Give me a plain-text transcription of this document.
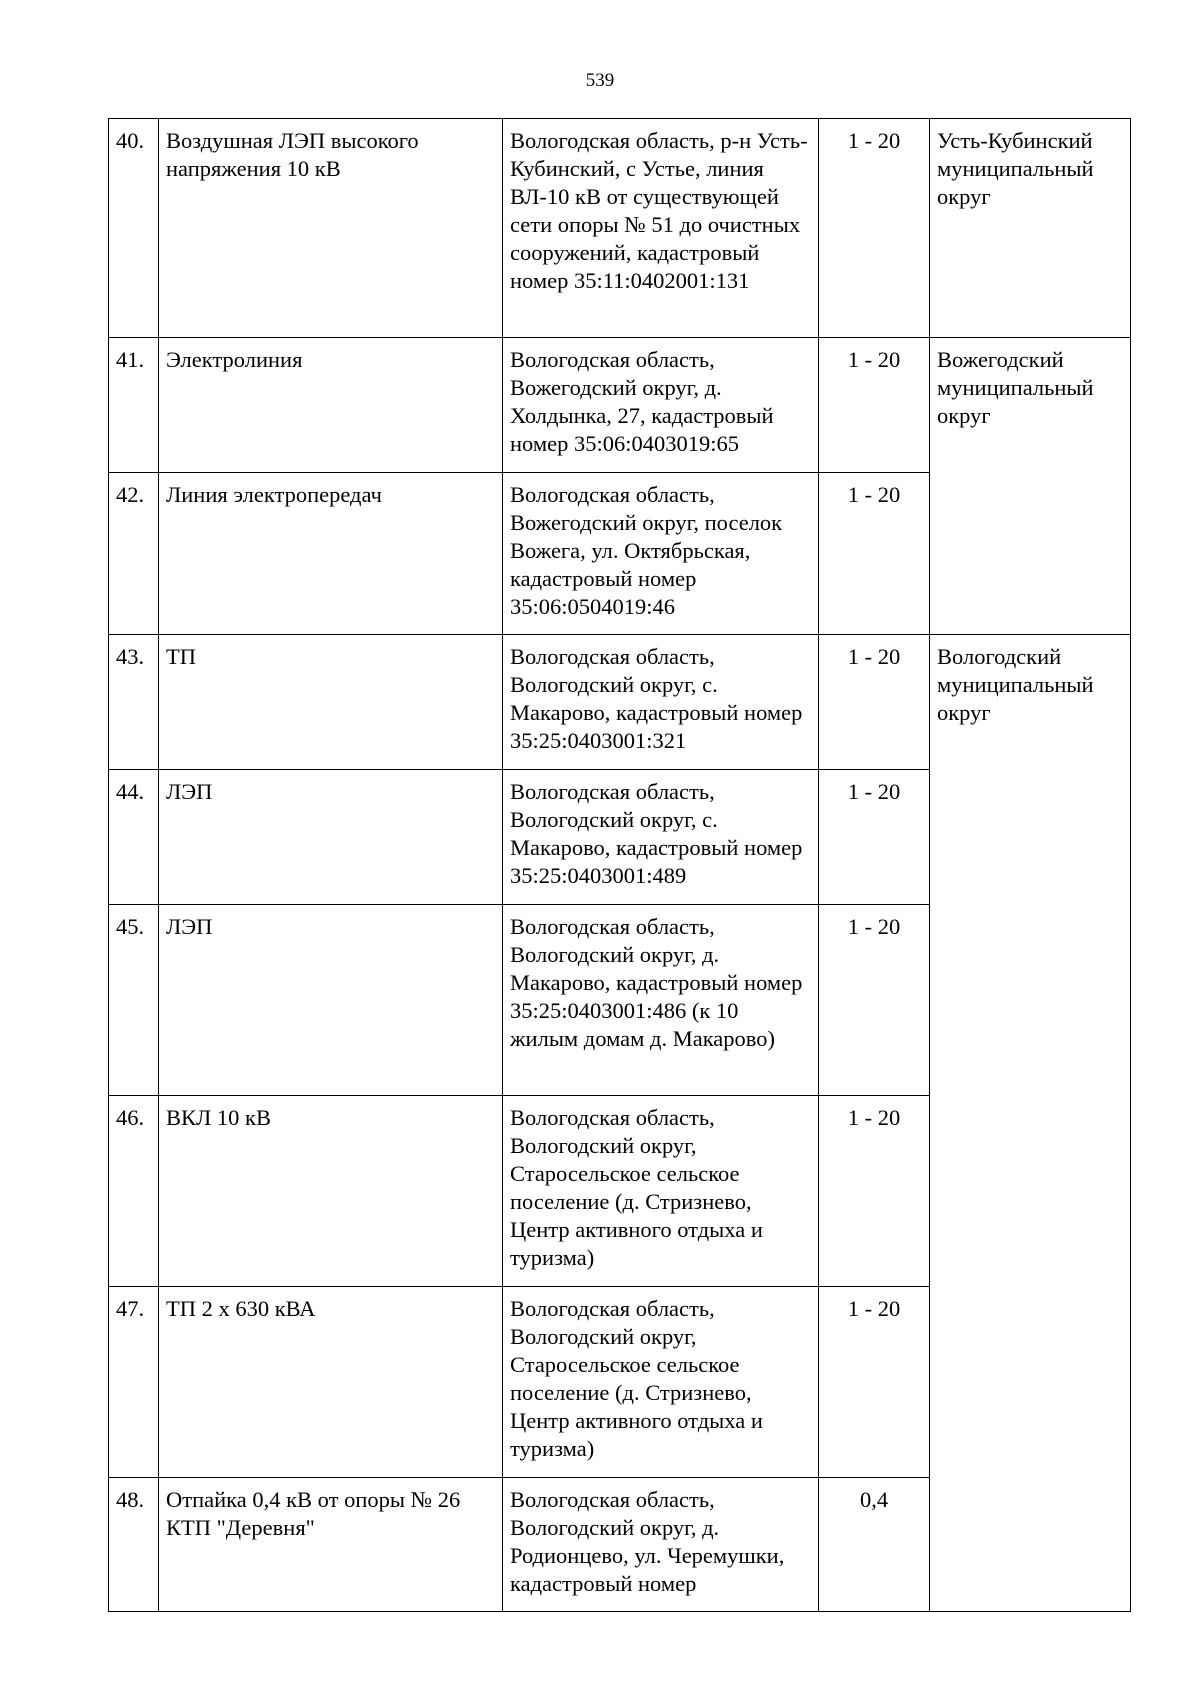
539
40.	Воздушная ЛЭП высокого напряжения 10 кВ	Вологодская область, р-н Усть-Кубинский, с Устье, линия ВЛ-10 кВ от существующей сети опоры № 51 до очистных сооружений, кадастровый номер 35:11:0402001:131	1 - 20	Усть-Кубинский муниципальный округ
41.	Электролиния	Вологодская область, Вожегодский округ, д. Холдынка, 27, кадастровый номер 35:06:0403019:65	1 - 20	Вожегодский муниципальный округ
42.	Линия электропередач	Вологодская область, Вожегодский округ, поселок Вожега, ул. Октябрьская, кадастровый номер 35:06:0504019:46	1 - 20	
43.	ТП	Вологодская область, Вологодский округ, с. Макарово, кадастровый номер 35:25:0403001:321	1 - 20	Вологодский муниципальный округ
44.	ЛЭП	Вологодская область, Вологодский округ, с. Макарово, кадастровый номер 35:25:0403001:489	1 - 20	
45.	ЛЭП	Вологодская область, Вологодский округ, д. Макарово, кадастровый номер 35:25:0403001:486 (к 10 жилым домам д. Макарово)	1 - 20	
46.	ВКЛ 10 кВ	Вологодская область, Вологодский округ, Старосельское сельское поселение (д. Стризнево, Центр активного отдыха и туризма)	1 - 20	
47.	ТП 2 х 630 кВА	Вологодская область, Вологодский округ, Старосельское сельское поселение (д. Стризнево, Центр активного отдыха и туризма)	1 - 20	
48.	Отпайка 0,4 кВ от опоры № 26 КТП "Деревня"	Вологодская область, Вологодский округ, д. Родионцево, ул. Черемушки, кадастровый номер	0,4	
